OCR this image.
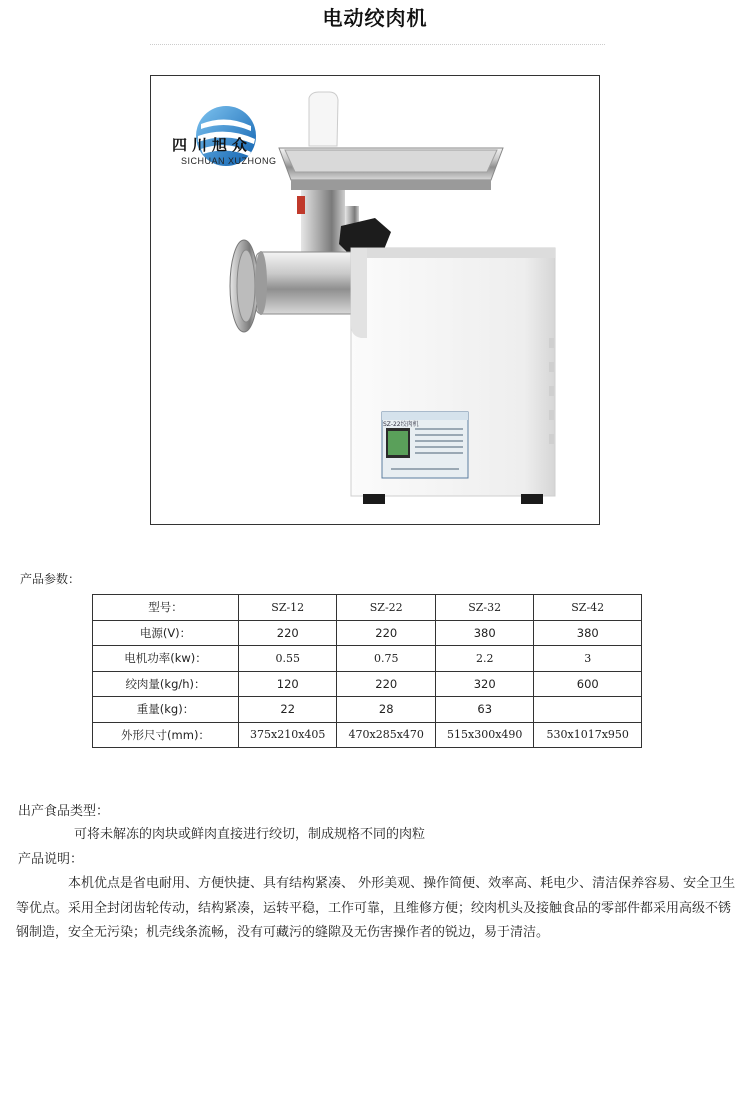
电动绞肉机
四川旭众
SICHUAN XUZHONG
SZ-22绞肉机
产品参数：
型号：	SZ-12	SZ-22	SZ-32	SZ-42
电源(V)：	220	220	380	380
电机功率(kw)：	0.55	0.75	2.2	3
绞肉量(kg/h)：	120	220	320	600
重量(kg)：	22	28	63	
外形尺寸(mm)：	375x210x405	470x285x470	515x300x490	530x1017x950
出产食品类型：
可将未解冻的肉块或鲜肉直接进行绞切，制成规格不同的肉粒
产品说明：
本机优点是省电耐用、方便快捷、具有结构紧凑、 外形美观、操作简便、效率高、耗电少、清洁保养容易、安全卫生等优点。采用全封闭齿轮传动，结构紧凑，运转平稳，工作可靠，且维修方便；绞肉机头及接触食品的零部件都采用高级不锈钢制造，安全无污染；机壳线条流畅，没有可藏污的缝隙及无伤害操作者的锐边，易于清洁。
